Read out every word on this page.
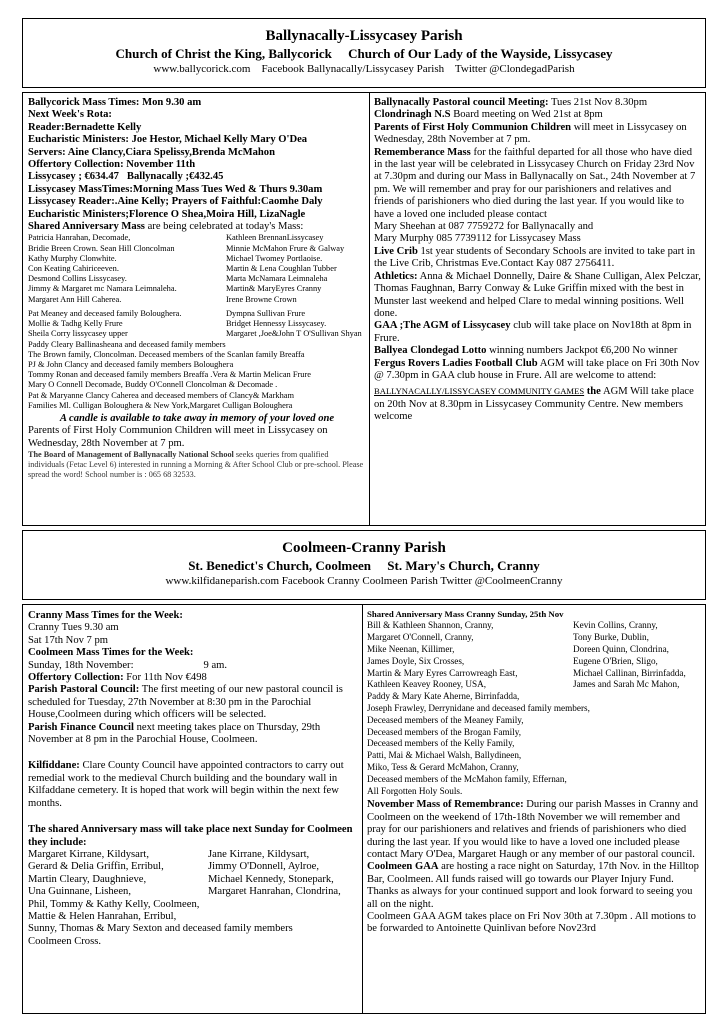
Ballynacally-Lissycasey Parish
Church of Christ the King, Ballycorick     Church of Our Lady of the Wayside, Lissycasey
www.ballycorick.com    Facebook Ballynacally/Lissycasey Parish    Twitter @ClondegadParish

Ballycorick Mass Times: Mon 9.30 am

Next Week's Rota:

Reader:Bernadette Kelly

Eucharistic Ministers: Joe Hestor, Michael Kelly Mary O'Dea

Servers: Aine Clancy,Ciara Spelissy,Brenda McMahon

Offertory Collection: November 11th

Lissycasey ; €634.47 Ballynacally ;€432.45

Lissycasey MassTimes:Morning Mass Tues Wed & Thurs 9.30am

Lissycasey Reader:.Aine Kelly; Prayers of Faithful:Caomhe Daly

Eucharistic Ministers;Florence O Shea,Moira Hill, LizaNagle

Shared Anniversary Mass are being celebrated at today's Mass:

Patricia Hanrahan, Decomade,	Kathleen BrennanLissycasey
Bridie Breen Crown. Sean Hill Cloncolman	Minnie McMahon Frure & Galway
Kathy Murphy Clonwhite.	Michael Twomey Portlaoise.
Con Keating Cahiriceeven.	Martin & Lena Coughlan Tubber
Desmond Collins Lissycasey.	Marta McNamara Leimnaleha
Jimmy & Margaret mc Namara Leimnaleha.	Martin& MaryEyres Cranny
Margaret Ann Hill Caherea.	Irene Browne Crown
Pat Meaney and deceased family Bolougherа.	Dympna Sullivan Frure
Mollie & Tadhg Kelly Frure	Bridget Hennessy Lissycasey.
Sheila Corry lissycasey upper	Margaret ,Joe&John T O'Sullivan Shyan
Paddy Cleary Ballinasheana and deceased family members
The Brown family, Cloncolman. Deceased members of the Scanlan family Breaffa
PJ & John Clancy and deceased family members Bolougheгa
Tommy Ronan and deceased family members Breaffa .Vera & Martin Melican Frure
Mary O Connell Decomade, Buddy O'Connell Cloncolman & Decomade .
Pat & Maryanne Clancy Caherea and deceased members of Clancy& Markham
Families Ml. Culligan Bolougherа & New York,Margaret Culligan Bolougherа

A candle is available to take away in memory of your loved one

Parents of First Holy Communion Children will meet in Lissycasey on Wednesday, 28th November at 7 pm.

The Board of Management of Ballynacally National School seeks queries from qualified individuals (Fetac Level 6) interested in running a Morning & After School Club or pre-school. Please spread the word! School number is : 065 68 32533.

Ballynacally Pastoral council Meeting: Tues 21st Nov 8.30pm

Clondrinagh N.S Board meeting on Wed 21st at 8pm

Parents of First Holy Communion Children will meet in Lissycasey on Wednesday, 28th November at 7 pm.

Rememberance Mass for the faithful departed for all those who have died in the last year will be celebrated in Lissycasey Church on Friday 23rd Nov at 7.30pm and during our Mass in Ballynacally on Sat., 24th November at 7 pm. We will remember and pray for our parishioners and relatives and friends of parishioners who died during the last year. If you would like to have a loved one included please contact

Mary Sheehan at 087 7759272 for Ballynacally and

Mary Murphy 085 7739112 for Lissycasey Mass

Live Crib 1st year students of Secondary Schools are invited to take part in the Live Crib, Christmas Eve.Contact Kay 087 2756411.

Athletics: Anna & Michael Donnelly, Daire & Shane Culligan, Alex Pelczar, Thomas Faughnan, Barry Conway & Luke Griffin mixed with the best in Munster last weekend and helped Clare to medal winning positions. Well done.

GAA ;The AGM of Lissycasey club will take place on Nov18th at 8pm in Frure.

Ballyea Clondegad Lotto winning numbers Jackpot €6,200 No winner

Fergus Rovers Ladies Football Club AGM will take place on Fri 30th Nov @ 7.30pm in GAA club house in Frure. All are welcome to attend:

BALLYNACALLY/LISSYCASEY COMMUNITY GAMES the AGM Will take place on 20th Nov at 8.30pm in Lissycasey Community Centre. New members welcome

Coolmeen-Cranny Parish
St. Benedict's Church, Coolmeen     St. Mary's Church, Cranny
www.kilfidaneparish.com Facebook Cranny Coolmeen Parish Twitter @CoolmeenCranny

Cranny Mass Times for the Week:

Cranny Tues 9.30 am

Sat 17th Nov 7 pm

Coolmeen Mass Times for the Week:

Sunday, 18th November:	9 am.

Offertory Collection: For 11th Nov €498

Parish Pastoral Council: The first meeting of our new pastoral council is scheduled for Tuesday, 27th November at 8:30 pm in the Parochial House,Coolmeen during which officers will be selected.

Parish Finance Council next meeting takes place on Thursday, 29th November at 8 pm in the Parochial House, Coolmeen.

Kilfiddane: Clare County Council have appointed contractors to carry out remedial work to the medieval Church building and the boundary wall in Kilfaddane cemetery. It is hoped that work will begin within the next few months.

The shared Anniversary mass will take place next Sunday for Coolmeen they include:

Margaret Kirrane, Kildysart,	Jane Kirrane, Kildysart,
Gerard & Delia Griffin, Erribul,	Jimmy O'Donnell, Aylroe,
Martin Cleary, Daughnieve,	Michael Kennedy, Stonepark,
Una Guinnane, Lisheen,	Margaret Hanrahan, Clondrina,
Phil, Tommy & Kathy Kelly, Coolmeen,
Mattie & Helen Hanrahan, Erribul,
Sunny, Thomas & Mary Sexton and deceased family members
Coolmeen Cross.

Shared Anniversary Mass Cranny Sunday, 25th Nov

Bill & Kathleen Shannon, Cranny,	Kevin Collins, Cranny,
Margaret O'Connell, Cranny,	Tony Burke, Dublin,
Mike Neenan, Killimer,	Doreen Quinn, Clondrina,
James Doyle, Six Crosses,	Eugene O'Brien, Sligo,
Martin & Mary Eyres Carrowreagh East,	Michael Callinan, Birrinfadda,
Kathleen Keavey Rooney, USA,	James and Sarah Mc Mahon,
Paddy & Mary Kate Aherne, Birrinfadda,
Joseph Frawley, Derrynidane and deceased family members,
Deceased members of the Meaney Family,
Deceased members of the Brogan Family,
Deceased members of the Kelly Family,
Patti, Mai & Michael Walsh, Ballydineen,
Miko, Tess & Gerard McMahon, Cranny,
Deceased members of the McMahon family, Effernan,
All Forgotten Holy Souls.

November Mass of Remembrance: During our parish Masses in Cranny and Coolmeen on the weekend of 17th-18th November we will remember and pray for our parishioners and relatives and friends of parishioners who died during the last year. If you would like to have a loved one included please contact Mary O'Dea, Margaret Haugh or any member of our pastoral council.

Coolmeen GAA are hosting a race night on Saturday, 17th Nov. in the Hilltop Bar, Coolmeen. All funds raised will go towards our Player Injury Fund. Thanks as always for your continued support and look forward to seeing you all on the night.

Coolmeen GAA AGM takes place on Fri Nov 30th at 7.30pm . All motions to be forwarded to Antoinette Quinlivan before Nov23rd
